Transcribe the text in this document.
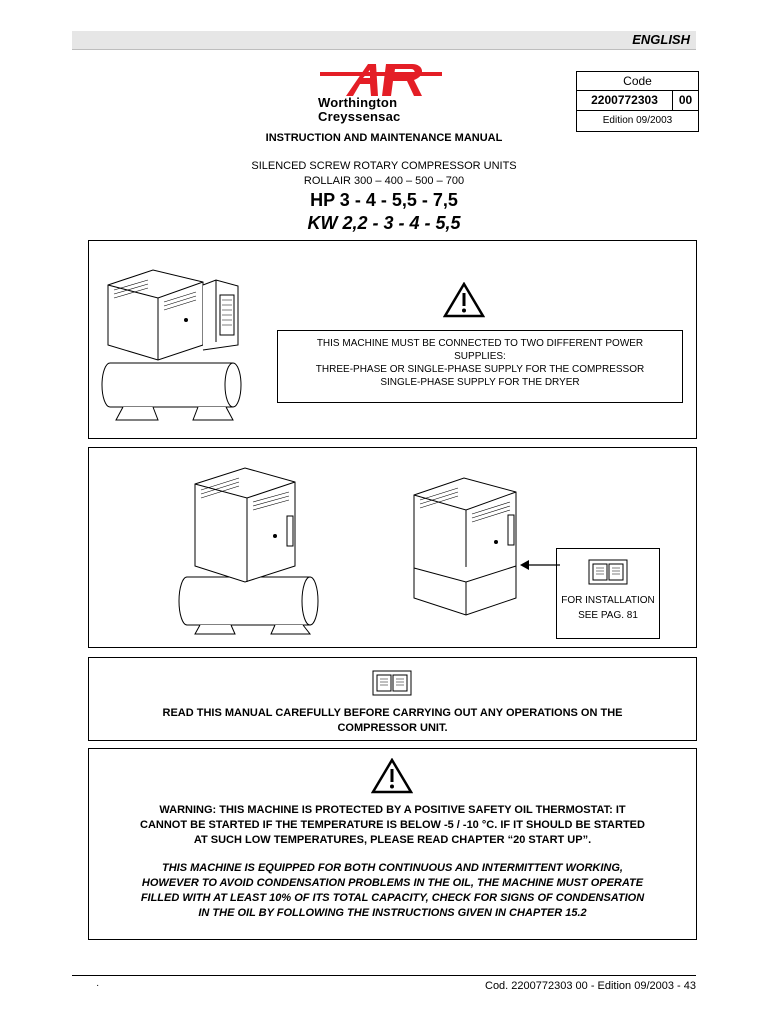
ENGLISH
Worthington
Creyssensac
Code
2200772303	00
Edition 09/2003
INSTRUCTION AND MAINTENANCE MANUAL
SILENCED SCREW ROTARY COMPRESSOR UNITS
ROLLAIR 300 – 400 – 500 – 700
HP 3 - 4 - 5,5 - 7,5
KW 2,2 - 3 - 4 - 5,5
THIS MACHINE MUST BE CONNECTED TO TWO DIFFERENT POWER
SUPPLIES:
THREE-PHASE OR SINGLE-PHASE SUPPLY FOR THE COMPRESSOR
SINGLE-PHASE SUPPLY FOR THE DRYER
FOR INSTALLATION
SEE PAG. 81
READ THIS MANUAL CAREFULLY BEFORE CARRYING OUT ANY OPERATIONS ON THE
COMPRESSOR UNIT.
WARNING: THIS MACHINE IS PROTECTED BY A POSITIVE SAFETY OIL THERMOSTAT: IT
CANNOT BE STARTED IF THE TEMPERATURE IS BELOW -5 / -10 °C. IF IT SHOULD BE STARTED
AT SUCH LOW TEMPERATURES, PLEASE READ CHAPTER “20 START UP”.
THIS MACHINE IS EQUIPPED FOR BOTH CONTINUOUS AND INTERMITTENT WORKING,
HOWEVER TO AVOID CONDENSATION PROBLEMS IN THE OIL, THE MACHINE MUST OPERATE
FILLED WITH AT LEAST 10% OF ITS TOTAL CAPACITY, CHECK FOR SIGNS OF CONDENSATION
IN THE OIL BY FOLLOWING THE INSTRUCTIONS GIVEN IN CHAPTER 15.2
·	Cod. 2200772303 00 - Edition 09/2003 - 43
